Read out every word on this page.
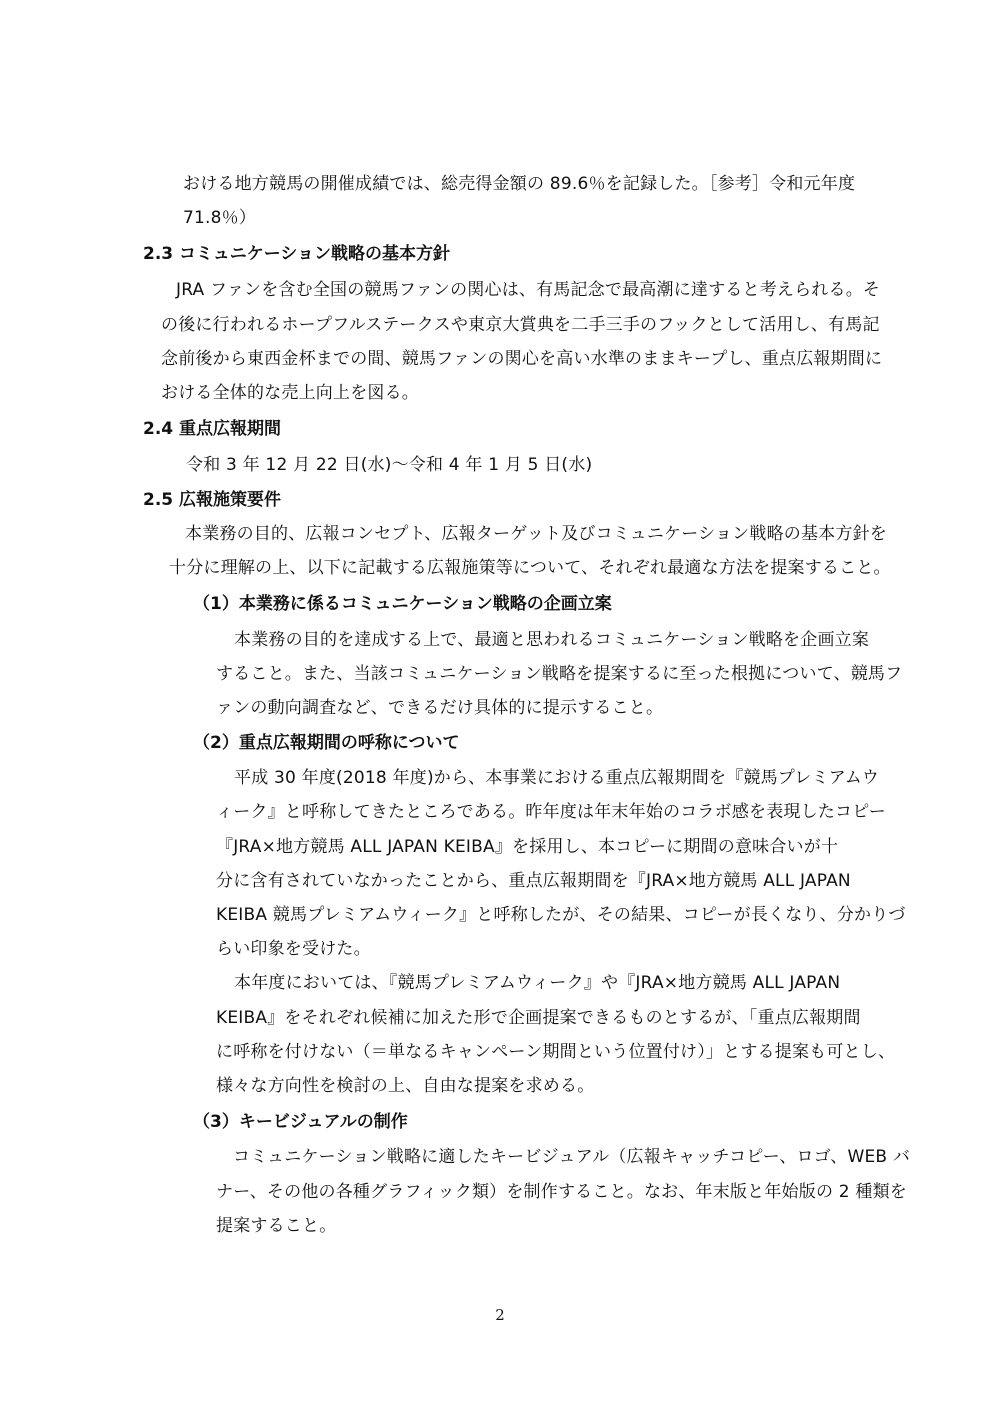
おける地方競馬の開催成績では、総売得金額の 89.6％を記録した。［参考］令和元年度

71.8％）

2.3 コミュニケーション戦略の基本方針

JRA ファンを含む全国の競馬ファンの関心は、有馬記念で最高潮に達すると考えられる。そ

の後に行われるホープフルステークスや東京大賞典を二手三手のフックとして活用し、有馬記

念前後から東西金杯までの間、競馬ファンの関心を高い水準のままキープし、重点広報期間に

おける全体的な売上向上を図る。

2.4 重点広報期間

令和 3 年 12 月 22 日(水)～令和 4 年 1 月 5 日(水)

2.5 広報施策要件

本業務の目的、広報コンセプト、広報ターゲット及びコミュニケーション戦略の基本方針を

十分に理解の上、以下に記載する広報施策等について、それぞれ最適な方法を提案すること。

（1）本業務に係るコミュニケーション戦略の企画立案

本業務の目的を達成する上で、最適と思われるコミュニケーション戦略を企画立案

すること。また、当該コミュニケーション戦略を提案するに至った根拠について、競馬フ

ァンの動向調査など、できるだけ具体的に提示すること。

（2）重点広報期間の呼称について

平成 30 年度(2018 年度)から、本事業における重点広報期間を『競馬プレミアムウ

ィーク』と呼称してきたところである。昨年度は年末年始のコラボ感を表現したコピー

『JRA×地方競馬 ALL JAPAN KEIBA』を採用し、本コピーに期間の意味合いが十

分に含有されていなかったことから、重点広報期間を『JRA×地方競馬 ALL JAPAN

KEIBA 競馬プレミアムウィーク』と呼称したが、その結果、コピーが長くなり、分かりづ

らい印象を受けた。

本年度においては、『競馬プレミアムウィーク』や『JRA×地方競馬 ALL JAPAN

KEIBA』をそれぞれ候補に加えた形で企画提案できるものとするが、「重点広報期間

に呼称を付けない（＝単なるキャンペーン期間という位置付け）」とする提案も可とし、

様々な方向性を検討の上、自由な提案を求める。

（3）キービジュアルの制作

コミュニケーション戦略に適したキービジュアル（広報キャッチコピー、ロゴ、WEB バ

ナー、その他の各種グラフィック類）を制作すること。なお、年末版と年始版の 2 種類を

提案すること。

2
